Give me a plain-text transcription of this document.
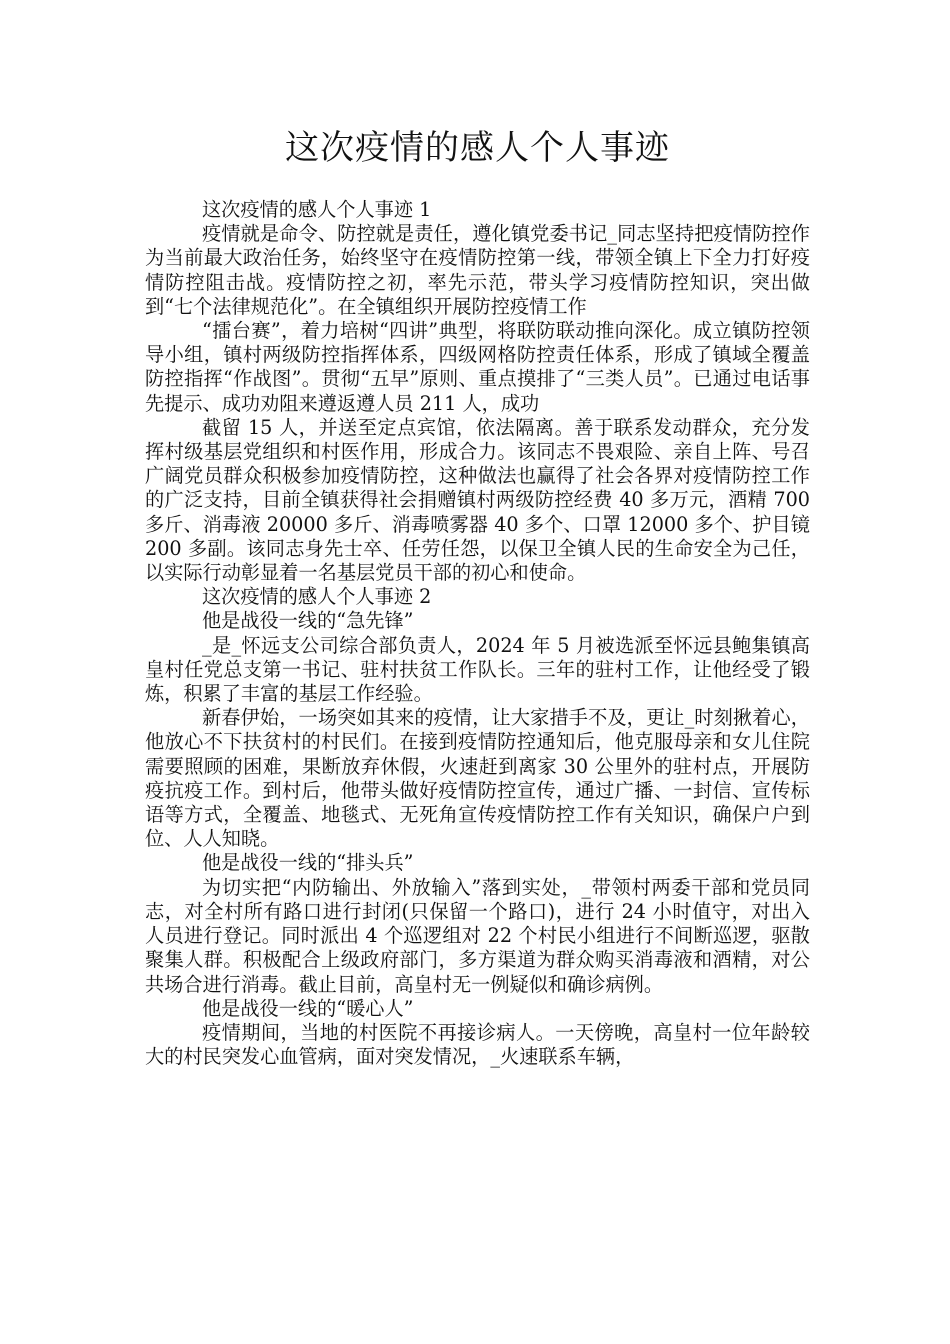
这次疫情的感人个人事迹

这次疫情的感人个人事迹 1

疫情就是命令、防控就是责任，遵化镇党委书记_同志坚持把疫情防控作为当前最大政治任务，始终坚守在疫情防控第一线，带领全镇上下全力打好疫情防控阻击战。疫情防控之初，率先示范，带头学习疫情防控知识，突出做到“七个法律规范化”。在全镇组织开展防控疫情工作

“擂台赛”，着力培树“四讲”典型，将联防联动推向深化。成立镇防控领导小组，镇村两级防控指挥体系，四级网格防控责任体系，形成了镇域全覆盖防控指挥“作战图”。贯彻“五早”原则、重点摸排了“三类人员”。已通过电话事先提示、成功劝阻来遵返遵人员 211 人，成功

截留 15 人，并送至定点宾馆，依法隔离。善于联系发动群众，充分发挥村级基层党组织和村医作用，形成合力。该同志不畏艰险、亲自上阵、号召广阔党员群众积极参加疫情防控，这种做法也赢得了社会各界对疫情防控工作的广泛支持，目前全镇获得社会捐赠镇村两级防控经费 40 多万元，酒精 700 多斤、消毒液 20000 多斤、消毒喷雾器 40 多个、口罩 12000 多个、护目镜 200 多副。该同志身先士卒、任劳任怨，以保卫全镇人民的生命安全为己任，以实际行动彰显着一名基层党员干部的初心和使命。

这次疫情的感人个人事迹 2

他是战役一线的“急先锋”

_是_怀远支公司综合部负责人，2024 年 5 月被选派至怀远县鲍集镇高皇村任党总支第一书记、驻村扶贫工作队长。三年的驻村工作，让他经受了锻炼，积累了丰富的基层工作经验。

新春伊始，一场突如其来的疫情，让大家措手不及，更让_时刻揪着心，他放心不下扶贫村的村民们。在接到疫情防控通知后，他克服母亲和女儿住院需要照顾的困难，果断放弃休假，火速赶到离家 30 公里外的驻村点，开展防疫抗疫工作。到村后，他带头做好疫情防控宣传，通过广播、一封信、宣传标语等方式，全覆盖、地毯式、无死角宣传疫情防控工作有关知识，确保户户到位、人人知晓。

他是战役一线的“排头兵”

为切实把“内防输出、外放输入”落到实处，_带领村两委干部和党员同志，对全村所有路口进行封闭(只保留一个路口)，进行 24 小时值守，对出入人员进行登记。同时派出 4 个巡逻组对 22 个村民小组进行不间断巡逻，驱散聚集人群。积极配合上级政府部门，多方渠道为群众购买消毒液和酒精，对公共场合进行消毒。截止目前，高皇村无一例疑似和确诊病例。

他是战役一线的“暖心人”

疫情期间，当地的村医院不再接诊病人。一天傍晚，高皇村一位年龄较大的村民突发心血管病，面对突发情况，_火速联系车辆，
